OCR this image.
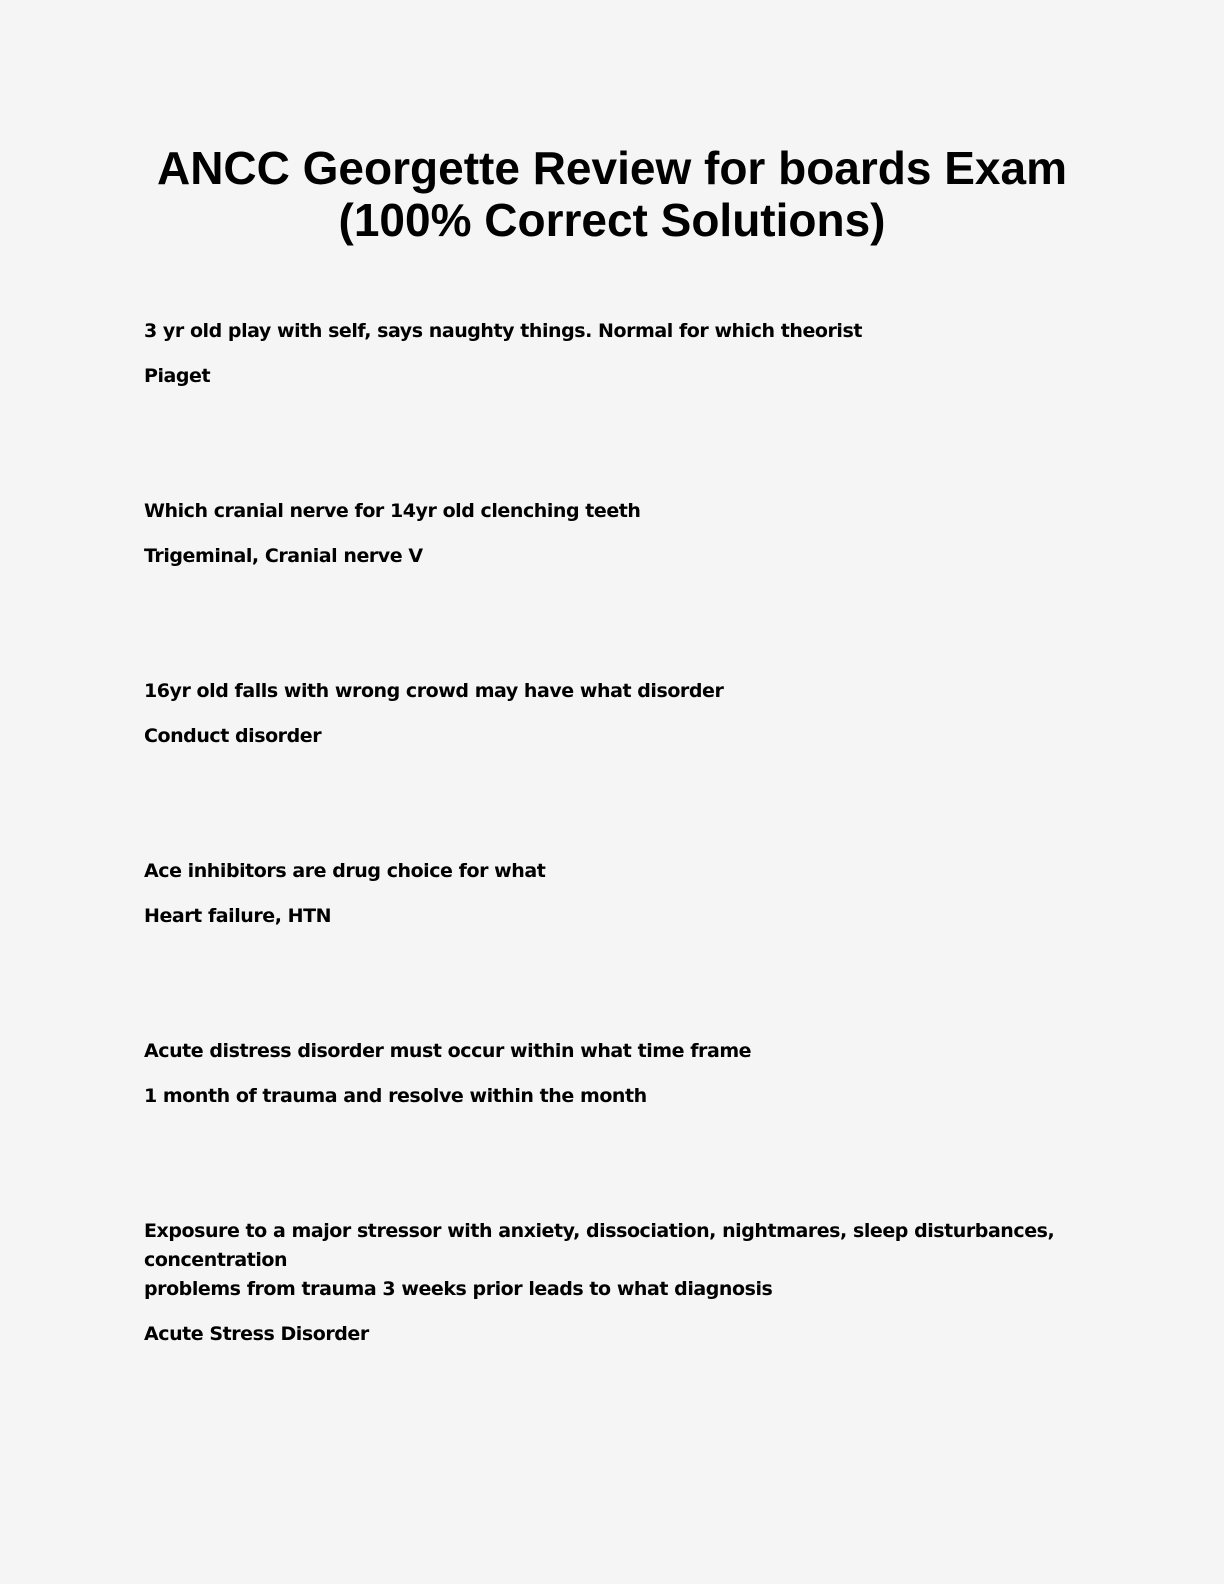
ANCC Georgette Review for boards Exam
(100% Correct Solutions)

3 yr old play with self, says naughty things. Normal for which theorist

Piaget

Which cranial nerve for 14yr old clenching teeth

Trigeminal, Cranial nerve V

16yr old falls with wrong crowd may have what disorder

Conduct disorder

Ace inhibitors are drug choice for what

Heart failure, HTN

Acute distress disorder must occur within what time frame

1 month of trauma and resolve within the month

Exposure to a major stressor with anxiety, dissociation, nightmares, sleep disturbances, concentration
problems from trauma 3 weeks prior leads to what diagnosis

Acute Stress Disorder
